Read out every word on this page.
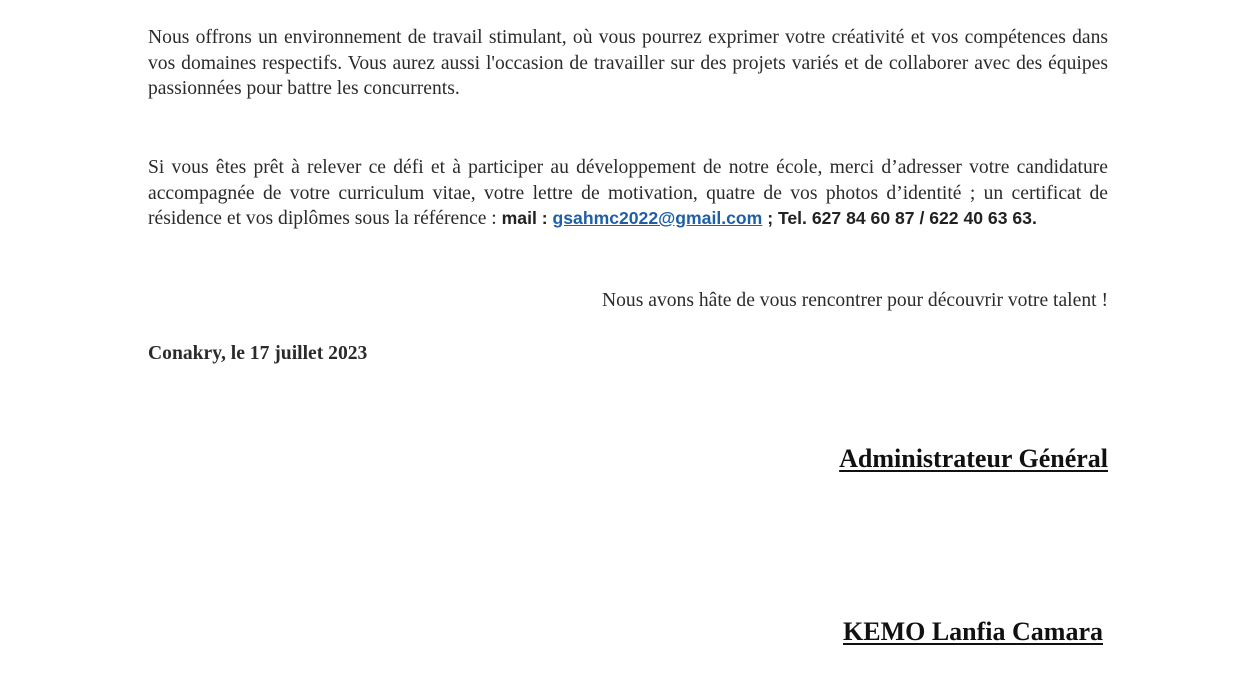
Nous offrons un environnement de travail stimulant, où vous pourrez exprimer votre créativité et vos compétences dans vos domaines respectifs. Vous aurez aussi l'occasion de travailler sur des projets variés et de collaborer avec des équipes passionnées pour battre les concurrents.

Si vous êtes prêt à relever ce défi et à participer au développement de notre école, merci d’adresser votre candidature accompagnée de votre curriculum vitae, votre lettre de motivation, quatre de vos photos d’identité ; un certificat de résidence et vos diplômes sous la référence : mail : gsahmc2022@gmail.com ; Tel. 627 84 60 87 / 622 40 63 63.

Nous avons hâte de vous rencontrer pour découvrir votre talent !

Conakry, le 17 juillet 2023

Administrateur Général

KEMO Lanfia Camara
